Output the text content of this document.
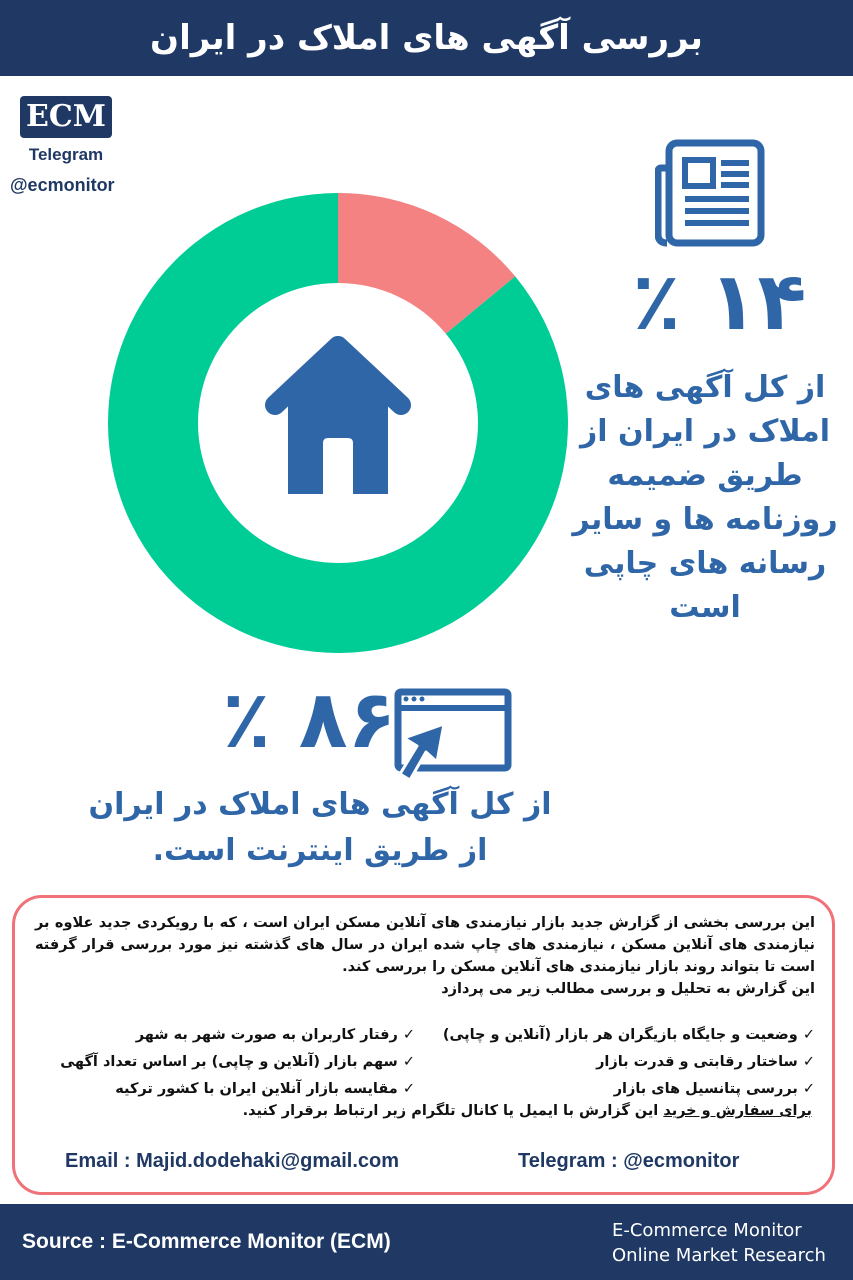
بررسی آگهی های املاک در ایران
ECM
Telegram
@ecmonitor
۱۴ ٪
از کل آگهی های املاک در ایران از طریق ضمیمه روزنامه ها و سایر رسانه های چاپی است
۸۶ ٪
از کل آگهی های املاک در ایران از طریق اینترنت است.
این بررسی بخشی از گزارش جدید بازار نیازمندی های آنلاین مسکن ایران است ، که با رویکردی جدید علاوه بر نیازمندی های آنلاین مسکن ، نیازمندی های چاپ شده ایران در سال های گذشته نیز مورد بررسی قرار گرفته است تا بتواند روند بازار نیازمندی های آنلاین مسکن را بررسی کند.
این گزارش به تحلیل و بررسی مطالب زیر می پردازد
✓ وضعیت و جایگاه بازیگران هر بازار (آنلاین و چاپی)
✓ ساختار رقابتی و قدرت بازار
✓ بررسی پتانسیل های بازار
✓ رفتار کاربران به صورت شهر به شهر
✓ سهم بازار (آنلاین و چاپی) بر اساس تعداد آگهی
✓ مقایسه بازار آنلاین ایران با کشور ترکیه
برای سفارش و خرید این گزارش با ایمیل یا کانال تلگرام زیر ارتباط برقرار کنید.
Email : Majid.dodehaki@gmail.com	Telegram : @ecmonitor
Source : E-Commerce Monitor (ECM)	E-Commerce Monitor
Online Market Research
